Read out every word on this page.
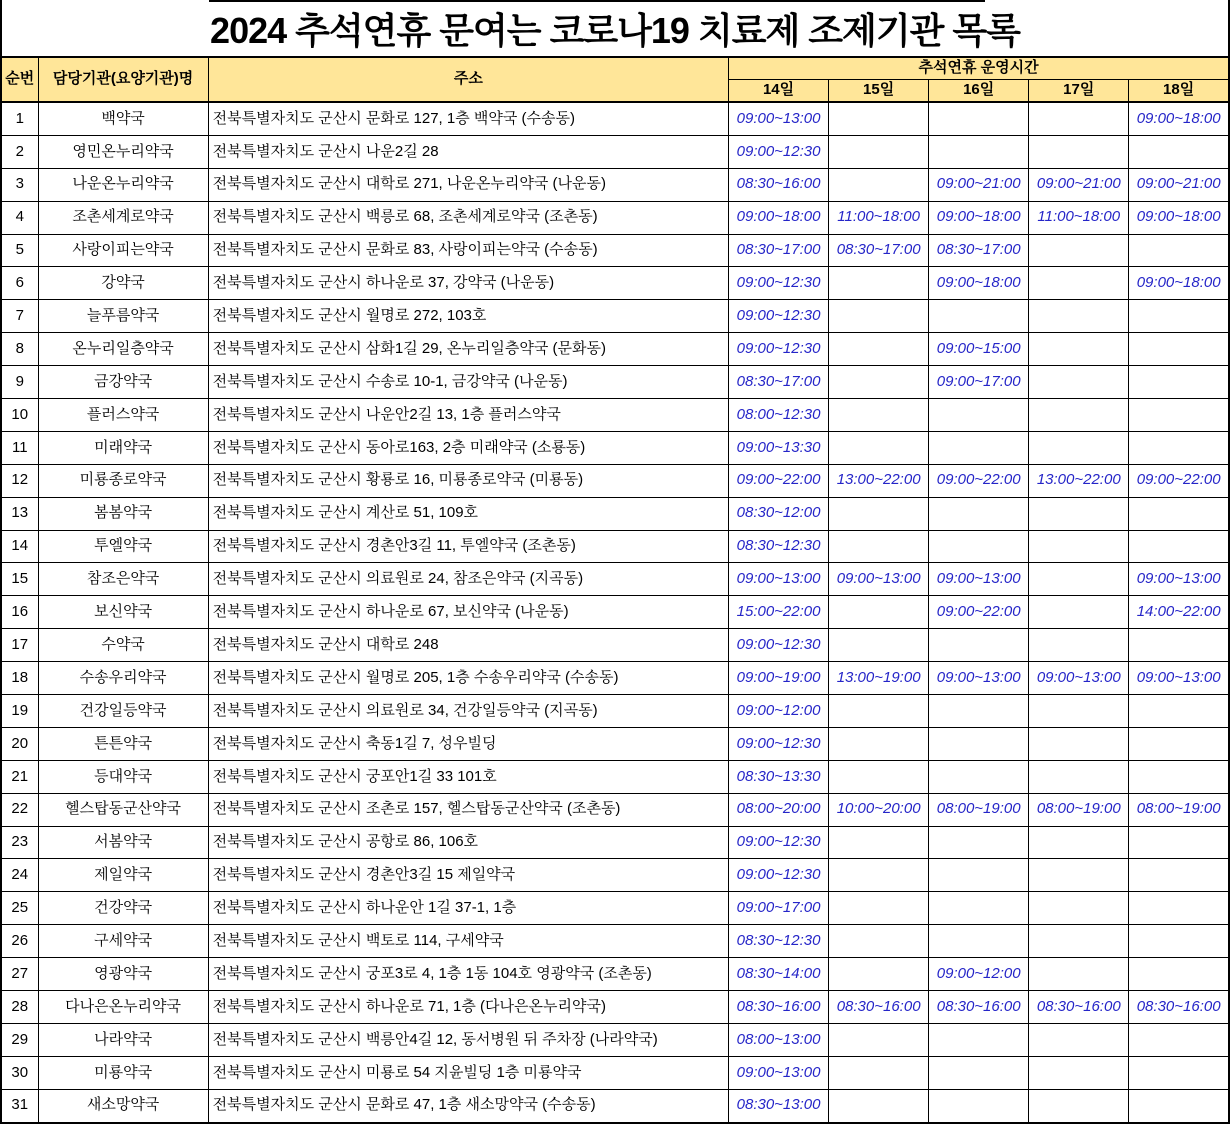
2024 추석연휴 문여는 코로나19 치료제 조제기관 목록
순번	담당기관(요양기관)명	주소	추석연휴 운영시간				
			14일	15일	16일	17일	18일
1	백약국	전북특별자치도 군산시 문화로 127, 1층 백약국 (수송동)	09:00~13:00				09:00~18:00
2	영민온누리약국	전북특별자치도 군산시 나운2길 28	09:00~12:30				
3	나운온누리약국	전북특별자치도 군산시 대학로 271, 나운온누리약국 (나운동)	08:30~16:00		09:00~21:00	09:00~21:00	09:00~21:00
4	조촌세계로약국	전북특별자치도 군산시 백릉로 68, 조촌세계로약국 (조촌동)	09:00~18:00	11:00~18:00	09:00~18:00	11:00~18:00	09:00~18:00
5	사랑이피는약국	전북특별자치도 군산시 문화로 83, 사랑이피는약국 (수송동)	08:30~17:00	08:30~17:00	08:30~17:00		
6	강약국	전북특별자치도 군산시 하나운로 37, 강약국 (나운동)	09:00~12:30		09:00~18:00		09:00~18:00
7	늘푸름약국	전북특별자치도 군산시 월명로 272, 103호	09:00~12:30				
8	온누리일층약국	전북특별자치도 군산시 삼화1길 29, 온누리일층약국 (문화동)	09:00~12:30		09:00~15:00		
9	금강약국	전북특별자치도 군산시 수송로 10-1, 금강약국 (나운동)	08:30~17:00		09:00~17:00		
10	플러스약국	전북특별자치도 군산시 나운안2길 13, 1층 플러스약국	08:00~12:30				
11	미래약국	전북특별자치도 군산시 동아로163, 2층 미래약국 (소룡동)	09:00~13:30				
12	미룡종로약국	전북특별자치도 군산시 황룡로 16, 미룡종로약국 (미룡동)	09:00~22:00	13:00~22:00	09:00~22:00	13:00~22:00	09:00~22:00
13	봄봄약국	전북특별자치도 군산시 계산로 51, 109호	08:30~12:00				
14	투엘약국	전북특별자치도 군산시 경촌안3길 11, 투엘약국 (조촌동)	08:30~12:30				
15	참조은약국	전북특별자치도 군산시 의료원로 24, 참조은약국 (지곡동)	09:00~13:00	09:00~13:00	09:00~13:00		09:00~13:00
16	보신약국	전북특별자치도 군산시 하나운로 67, 보신약국 (나운동)	15:00~22:00		09:00~22:00		14:00~22:00
17	수약국	전북특별자치도 군산시 대학로 248	09:00~12:30				
18	수송우리약국	전북특별자치도 군산시 월명로 205, 1층 수송우리약국 (수송동)	09:00~19:00	13:00~19:00	09:00~13:00	09:00~13:00	09:00~13:00
19	건강일등약국	전북특별자치도 군산시 의료원로 34, 건강일등약국 (지곡동)	09:00~12:00				
20	튼튼약국	전북특별자치도 군산시 축동1길 7, 성우빌딩	09:00~12:30				
21	등대약국	전북특별자치도 군산시 궁포안1길 33 101호	08:30~13:30				
22	헬스탑동군산약국	전북특별자치도 군산시 조촌로 157, 헬스탑동군산약국 (조촌동)	08:00~20:00	10:00~20:00	08:00~19:00	08:00~19:00	08:00~19:00
23	서봄약국	전북특별자치도 군산시 공항로 86, 106호	09:00~12:30				
24	제일약국	전북특별자치도 군산시 경촌안3길 15 제일약국	09:00~12:30				
25	건강약국	전북특별자치도 군산시 하나운안 1길 37-1, 1층	09:00~17:00				
26	구세약국	전북특별자치도 군산시 백토로 114, 구세약국	08:30~12:30				
27	영광약국	전북특별자치도 군산시 궁포3로 4, 1층 1동 104호 영광약국 (조촌동)	08:30~14:00		09:00~12:00		
28	다나은온누리약국	전북특별자치도 군산시 하나운로 71, 1층 (다나은온누리약국)	08:30~16:00	08:30~16:00	08:30~16:00	08:30~16:00	08:30~16:00
29	나라약국	전북특별자치도 군산시 백릉안4길 12, 동서병원 뒤 주차장 (나라약국)	08:00~13:00				
30	미룡약국	전북특별자치도 군산시 미룡로 54 지윤빌딩 1층 미룡약국	09:00~13:00				
31	새소망약국	전북특별자치도 군산시 문화로 47, 1층 새소망약국 (수송동)	08:30~13:00				
